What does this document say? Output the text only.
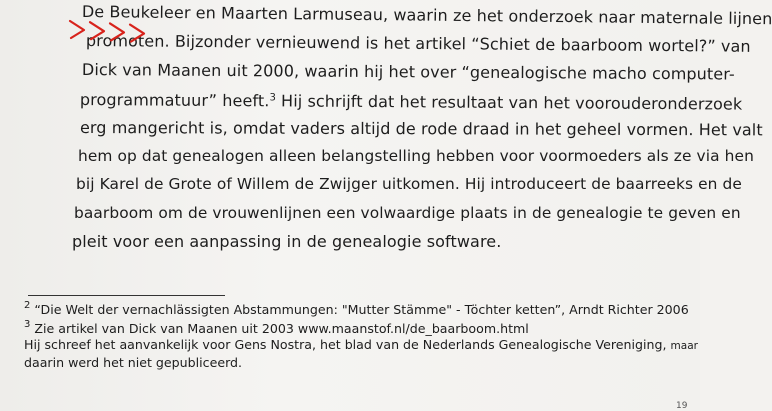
De Beukeleer en Maarten Larmuseau, waarin ze het onderzoek naar maternale lijnen
promoten. Bijzonder vernieuwend is het artikel “Schiet de baarboom wortel?” van
Dick van Maanen uit 2000, waarin hij het over “genealogische macho computer-
programmatuur” heeft.$^3$ Hij schrijft dat het resultaat van het voorouderonderzoek
erg mangericht is, omdat vaders altijd de rode draad in het geheel vormen. Het valt
hem op dat genealogen alleen belangstelling hebben voor voormoeders als ze via hen
bij Karel de Grote of Willem de Zwijger uitkomen. Hij introduceert de baarreeks en de
baarboom om de vrouwenlijnen een volwaardige plaats in de genealogie te geven en
pleit voor een aanpassing in de genealogie software.
$^2$ “Die Welt der vernachlässigten Abstammungen: "Mutter Stämme" - Töchter ketten”, Arndt Richter 2006
$^3$ Zie artikel van Dick van Maanen uit 2003 www.maanstof.nl/de_baarboom.html
Hij schreef het aanvankelijk voor Gens Nostra, het blad van de Nederlands Genealogische Vereniging, maar
daarin werd het niet gepubliceerd.
19
